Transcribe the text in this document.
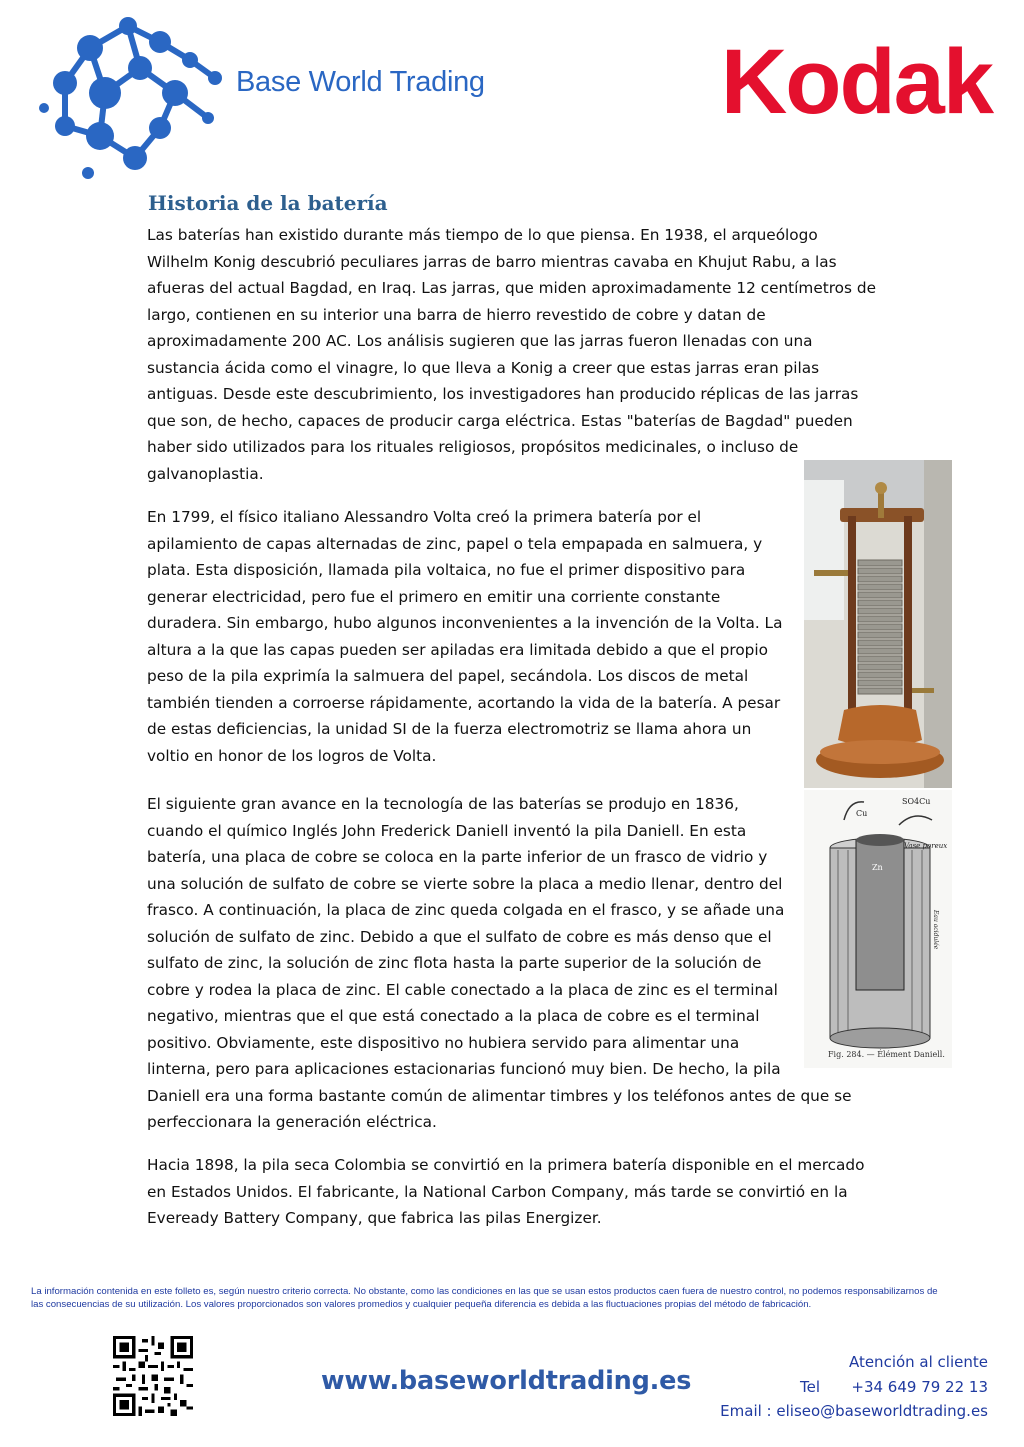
Base World Trading	Kodak
Historia de la batería

Las baterías han existido durante más tiempo de lo que piensa. En 1938, el arqueólogo
Wilhelm Konig descubrió peculiares jarras de barro mientras cavaba en Khujut Rabu, a las
afueras del actual Bagdad, en Iraq. Las jarras, que miden aproximadamente 12 centímetros de
largo, contienen en su interior una barra de hierro revestido de cobre y datan de
aproximadamente 200 AC. Los análisis sugieren que las jarras fueron llenadas con una
sustancia ácida como el vinagre, lo que lleva a Konig a creer que estas jarras eran pilas
antiguas. Desde este descubrimiento, los investigadores han producido réplicas de las jarras
que son, de hecho, capaces de producir carga eléctrica. Estas "baterías de Bagdad" pueden
haber sido utilizados para los rituales religiosos, propósitos medicinales, o incluso de
galvanoplastia.

En 1799, el físico italiano Alessandro Volta creó la primera batería por el
apilamiento de capas alternadas de zinc, papel o tela empapada en salmuera, y
plata. Esta disposición, llamada pila voltaica, no fue el primer dispositivo para
generar electricidad, pero fue el primero en emitir una corriente constante
duradera. Sin embargo, hubo algunos inconvenientes a la invención de la Volta. La
altura a la que las capas pueden ser apiladas era limitada debido a que el propio
peso de la pila exprimía la salmuera del papel, secándola. Los discos de metal
también tienden a corroerse rápidamente, acortando la vida de la batería. A pesar
de estas deficiencias, la unidad SI de la fuerza electromotriz se llama ahora un
voltio en honor de los logros de Volta.

El siguiente gran avance en la tecnología de las baterías se produjo en 1836,
cuando el químico Inglés John Frederick Daniell inventó la pila Daniell. En esta
batería, una placa de cobre se coloca en la parte inferior de un frasco de vidrio y
una solución de sulfato de cobre se vierte sobre la placa a medio llenar, dentro del
frasco. A continuación, la placa de zinc queda colgada en el frasco, y se añade una
solución de sulfato de zinc. Debido a que el sulfato de cobre es más denso que el
sulfato de zinc, la solución de zinc flota hasta la parte superior de la solución de
cobre y rodea la placa de zinc. El cable conectado a la placa de zinc es el terminal
negativo, mientras que el que está conectado a la placa de cobre es el terminal
positivo. Obviamente, este dispositivo no hubiera servido para alimentar una
linterna, pero para aplicaciones estacionarias funcionó muy bien. De hecho, la pila
Daniell era una forma bastante común de alimentar timbres y los teléfonos antes de que se
perfeccionara la generación eléctrica.

Hacia 1898, la pila seca Colombia se convirtió en la primera batería disponible en el mercado
en Estados Unidos. El fabricante, la National Carbon Company, más tarde se convirtió en la
Eveready Battery Company, que fabrica las pilas Energizer.

Cu
SO4Cu
Vase poreux
Zn
Eau acidulée
Fig. 284. — Élément Daniell.

La información contenida en este folleto es, según nuestro criterio correcta. No obstante, como las condiciones en las que se usan estos productos caen fuera de nuestro control, no podemos responsabilizarnos de
las consecuencias de su utilización. Los valores proporcionados son valores promedios y cualquier pequeña diferencia es debida a las fluctuaciones propias del método de fabricación.

www.baseworldtrading.es
Atención al cliente
Tel +34 649 79 22 13
Email : eliseo@baseworldtrading.es
